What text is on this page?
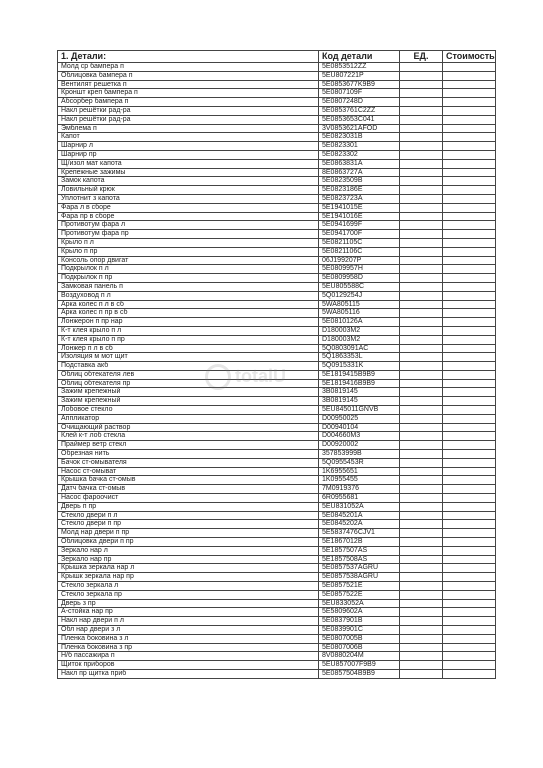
1. Детали:	Код детали	ЕД.	Стоимость
Молд ср бампера п	5E0853512ZZ		
Облицовка бампера п	5EU807221P		
Вентилят решетка п	5E0853677K9B9		
Кроншт креп бампера п	5E0807109F		
Абсорбер бампера п	5E0807248D		
Накл решётки рад-ра	5E0853761C2ZZ		
Накл решётки рад-ра	5E0853653C041		
Эмблема п	3V0853621AFOD		
Капот	5E0823031B		
Шарнир л	5E0823301		
Шарнир пр	5E0823302		
Щ/изол мат капота	5E0863831A		
Крепежные зажимы	8E0863727A		
Замок капота	5E0823509B		
Ловильный крюк	5E0823186E		
Уплотнит з капота	5E0823723A		
Фара л в сборе	5E1941015E		
Фара пр в сборе	5E1941016E		
Противотум фара л	5E0941699F		
Противотум фара пр	5E0941700F		
Крыло п л	5E0821105C		
Крыло п пр	5E0821106C		
Консоль опор двигат	06J199207P		
Подкрылок п л	5E0809957H		
Подкрылок п пр	5E0809958D		
Замковая панель п	5EU805588C		
Воздуховод п л	5Q0129254J		
Арка колес п л в сб	5WA805115		
Арка колес п пр в сб	5WA805116		
Лонжерон п пр нар	5E0810126A		
К-т клея крыло п л	D180003M2		
К-т клея крыло п пр	D180003M2		
Лонжер п л в сб	5Q0803091AC		
Изоляция м мот щит	5Q1863353L		
Подставка акб	5Q0915331K		
Облиц обтекателя лев	5E1819415B9B9		
Облиц обтекателя пр	5E1819416B9B9		
Зажим крепежный	3B0819145		
Зажим крепежный	3B0819145		
Лобовое стекло	5EU845011GNVB		
Аппликатор	D00950025		
Очищающий раствор	D00940104		
Клей к-т лоб стекла	D004660M3		
Праймер ветр стекл	D00920002		
Обрезная нить	357853999B		
Бачок ст-омывателя	5Q0955453R		
Насос ст-омыват	1K6955651		
Крышка бачка ст-омыв	1K0955455		
Датч бачка ст-омыв	7M0919376		
Насос фароочист	6R0955681		
Дверь п пр	5EU831052A		
Стекло двери п л	5E0845201A		
Стекло двери п пр	5E0845202A		
Молд нар двери п пр	5E5837476CJV1		
Облицовка двери п пр	5E1867012B		
Зеркало нар л	5E1857507AS		
Зеркало нар пр	5E1857508AS		
Крышка зеркала нар л	5E0857537AGRU		
Крышк зеркала нар пр	5E0857538AGRU		
Стекло зеркала л	5E0857521E		
Стекло зеркала пр	5E0857522E		
Дверь з пр	5EU833052A		
А-стойка нар пр	5E5809602A		
Накл нар двери п л	5E0837901B		
Обл нар двери з л	5E0839901C		
Пленка боковина з л	5E0807005B		
Пленка боковина з пр	5E0807006B		
Н/б пассажира п	8V0880204M		
Щиток приборов	5EU857007F9B9		
Накл пр щитка приб	5E0857504B9B9		
totalU
